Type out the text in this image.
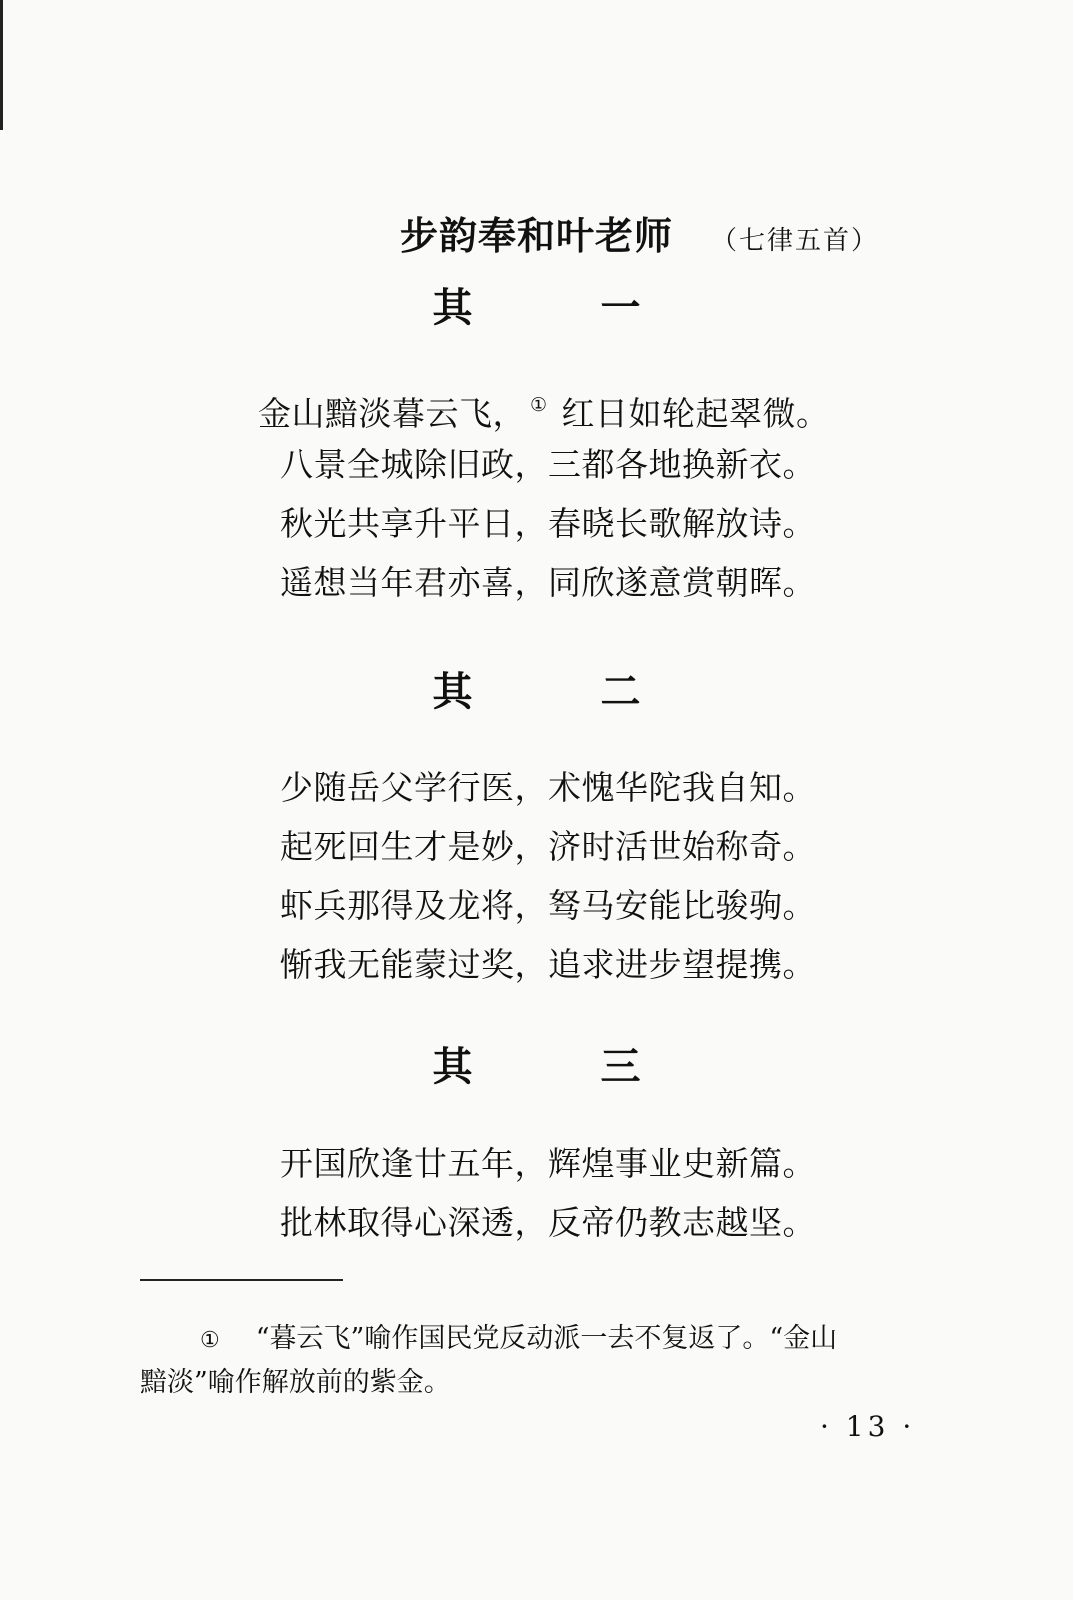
步韵奉和叶老师 （七律五首）
其　一
金山黯淡暮云飞， ① 红日如轮起翠微。
八景全城除旧政，三都各地换新衣。
秋光共享升平日，春晓长歌解放诗。
遥想当年君亦喜，同欣遂意赏朝晖。
其　二
少随岳父学行医，术愧华陀我自知。
起死回生才是妙，济时活世始称奇。
虾兵那得及龙将，驽马安能比骏驹。
惭我无能蒙过奖，追求进步望提携。
其　三
开国欣逢廿五年，辉煌事业史新篇。
批林取得心深透，反帝仍教志越坚。
① “暮云飞”喻作国民党反动派一去不复返了。“金山
黯淡”喻作解放前的紫金。
· 13 ·
